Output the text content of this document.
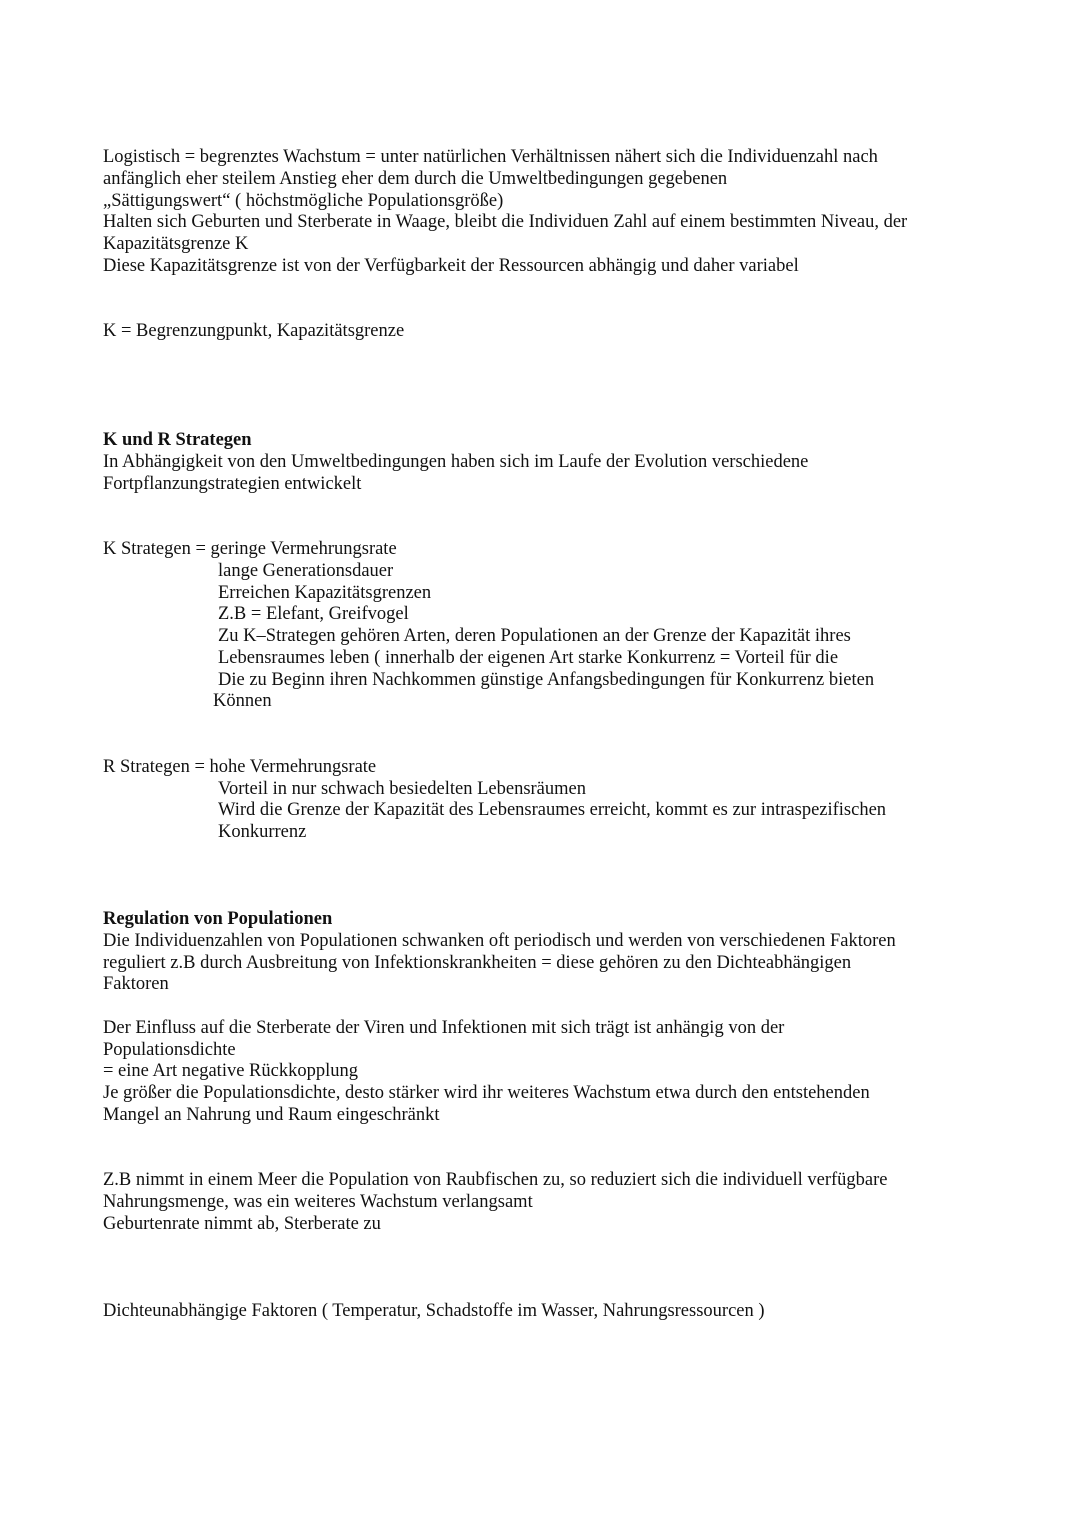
Logistisch = begrenztes Wachstum = unter natürlichen Verhältnissen nähert sich die Individuenzahl nach
anfänglich eher steilem Anstieg eher dem durch die Umweltbedingungen gegebenen
„Sättigungswert“ ( höchstmögliche Populationsgröße)
Halten sich Geburten und Sterberate in Waage, bleibt die Individuen Zahl auf einem bestimmten Niveau, der
Kapazitätsgrenze K
Diese Kapazitätsgrenze ist von der Verfügbarkeit der Ressourcen abhängig und daher variabel
K = Begrenzungpunkt, Kapazitätsgrenze
K und R Strategen
In Abhängigkeit von den Umweltbedingungen haben sich im Laufe der Evolution verschiedene
Fortpflanzungstrategien entwickelt
K Strategen = geringe Vermehrungsrate
lange Generationsdauer
Erreichen Kapazitätsgrenzen
Z.B = Elefant, Greifvogel
Zu K–Strategen gehören Arten, deren Populationen an der Grenze der Kapazität ihres
Lebensraumes leben ( innerhalb der eigenen Art starke Konkurrenz = Vorteil für die
Die zu Beginn ihren Nachkommen günstige Anfangsbedingungen für Konkurrenz bieten
Können
R Strategen = hohe Vermehrungsrate
Vorteil in nur schwach besiedelten Lebensräumen
Wird die Grenze der Kapazität des Lebensraumes erreicht, kommt es zur intraspezifischen
Konkurrenz
Regulation von Populationen
Die Individuenzahlen von Populationen schwanken oft periodisch und werden von verschiedenen Faktoren
reguliert z.B durch Ausbreitung von Infektionskrankheiten = diese gehören zu den Dichteabhängigen
Faktoren
Der Einfluss auf die Sterberate der Viren und Infektionen mit sich trägt ist anhängig von der
Populationsdichte
= eine Art negative Rückkopplung
Je größer die Populationsdichte, desto stärker wird ihr weiteres Wachstum etwa durch den entstehenden
Mangel an Nahrung und Raum eingeschränkt
Z.B nimmt in einem Meer die Population von Raubfischen zu, so reduziert sich die individuell verfügbare
Nahrungsmenge, was ein weiteres Wachstum verlangsamt
Geburtenrate nimmt ab, Sterberate zu
Dichteunabhängige Faktoren ( Temperatur, Schadstoffe im Wasser, Nahrungsressourcen )
